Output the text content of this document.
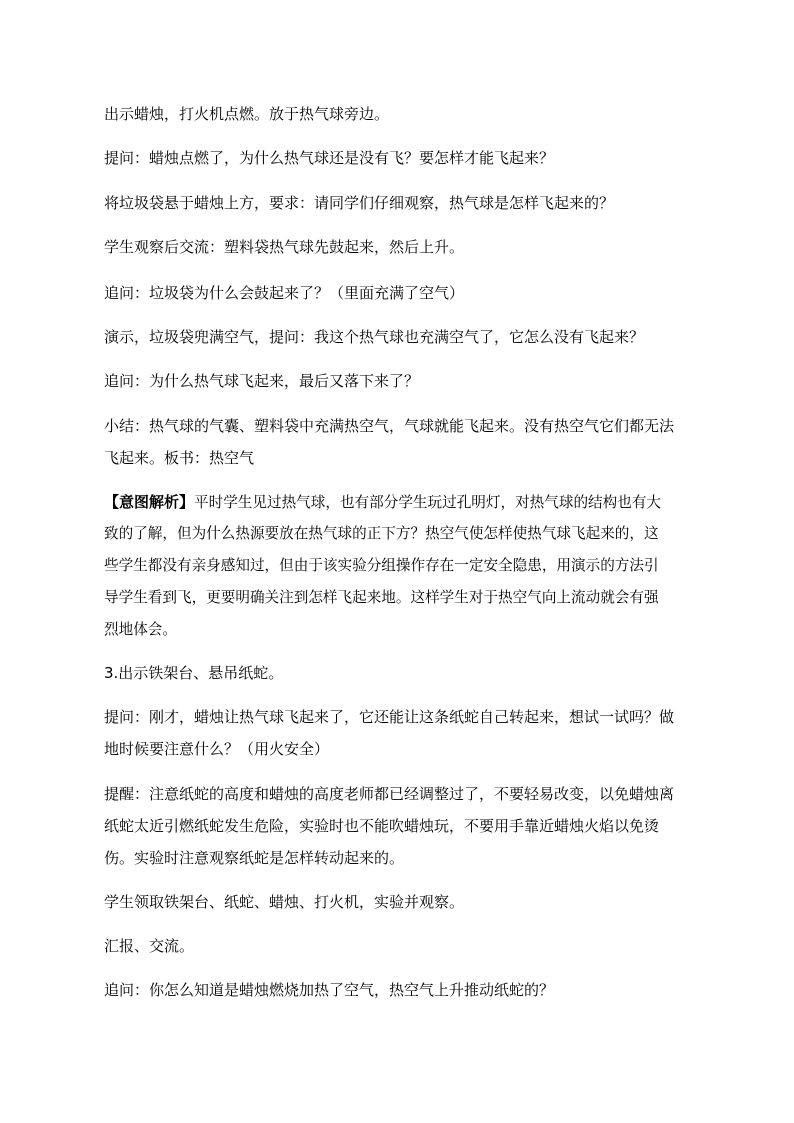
出示蜡烛，打火机点燃。放于热气球旁边。
提问：蜡烛点燃了，为什么热气球还是没有飞？要怎样才能飞起来？
将垃圾袋悬于蜡烛上方，要求：请同学们仔细观察，热气球是怎样飞起来的？
学生观察后交流：塑料袋热气球先鼓起来，然后上升。
追问：垃圾袋为什么会鼓起来了？（里面充满了空气）
演示，垃圾袋兜满空气，提问：我这个热气球也充满空气了，它怎么没有飞起来？
追问：为什么热气球飞起来，最后又落下来了？
小结：热气球的气囊、塑料袋中充满热空气，气球就能飞起来。没有热空气它们都无法
飞起来。板书：热空气
【意图解析】平时学生见过热气球，也有部分学生玩过孔明灯，对热气球的结构也有大
致的了解，但为什么热源要放在热气球的正下方？热空气使怎样使热气球飞起来的，这
些学生都没有亲身感知过，但由于该实验分组操作存在一定安全隐患，用演示的方法引
导学生看到飞，更要明确关注到怎样飞起来地。这样学生对于热空气向上流动就会有强
烈地体会。
3.出示铁架台、悬吊纸蛇。
提问：刚才，蜡烛让热气球飞起来了，它还能让这条纸蛇自己转起来，想试一试吗？做
地时候要注意什么？（用火安全）
提醒：注意纸蛇的高度和蜡烛的高度老师都已经调整过了，不要轻易改变，以免蜡烛离
纸蛇太近引燃纸蛇发生危险，实验时也不能吹蜡烛玩，不要用手靠近蜡烛火焰以免烫
伤。实验时注意观察纸蛇是怎样转动起来的。
学生领取铁架台、纸蛇、蜡烛、打火机，实验并观察。
汇报、交流。
追问：你怎么知道是蜡烛燃烧加热了空气，热空气上升推动纸蛇的？
